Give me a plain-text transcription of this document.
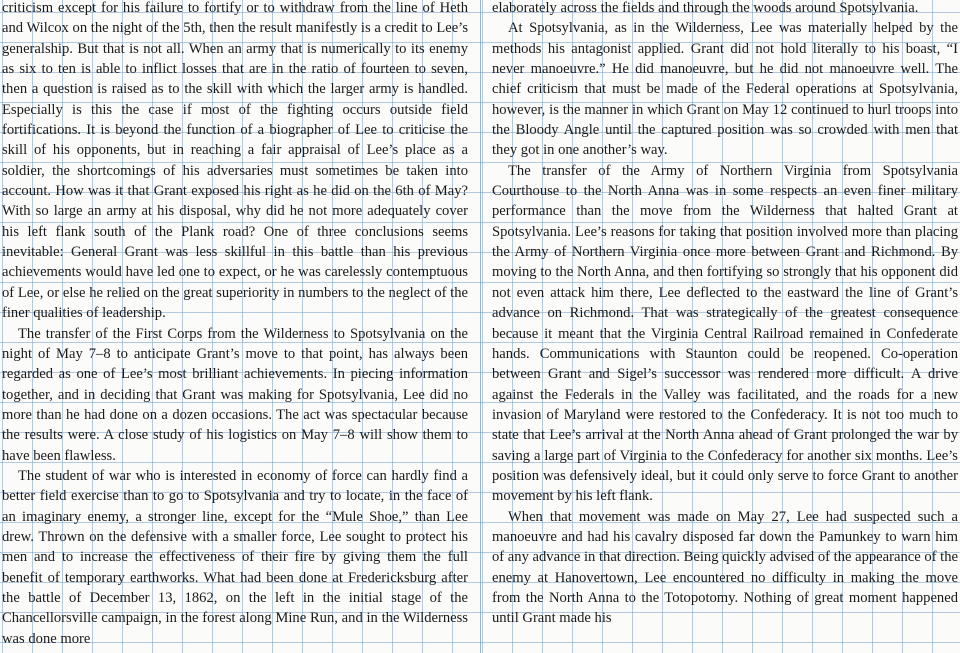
criticism except for his failure to fortify or to withdraw from the line of Heth and Wilcox on the night of the 5th, then the result manifestly is a credit to Lee’s generalship. But that is not all. When an army that is numerically to its enemy as six to ten is able to inflict losses that are in the ratio of fourteen to seven, then a question is raised as to the skill with which the larger army is handled. Especially is this the case if most of the fighting occurs outside field fortifications. It is beyond the function of a biographer of Lee to criticise the skill of his opponents, but in reaching a fair appraisal of Lee’s place as a soldier, the shortcomings of his adversaries must sometimes be taken into account. How was it that Grant exposed his right as he did on the 6th of May? With so large an army at his disposal, why did he not more adequately cover his left flank south of the Plank road? One of three conclusions seems inevitable: General Grant was less skillful in this battle than his previous achievements would have led one to expect, or he was carelessly contemptuous of Lee, or else he relied on the great superiority in numbers to the neglect of the finer qualities of leadership.

The transfer of the First Corps from the Wilderness to Spotsylvania on the night of May 7–8 to anticipate Grant’s move to that point, has always been regarded as one of Lee’s most brilliant achievements. In piecing information together, and in deciding that Grant was making for Spotsylvania, Lee did no more than he had done on a dozen occasions. The act was spectacular because the results were. A close study of his logistics on May 7–8 will show them to have been flawless.

The student of war who is interested in economy of force can hardly find a better field exercise than to go to Spotsylvania and try to locate, in the face of an imaginary enemy, a stronger line, except for the “Mule Shoe,” than Lee drew. Thrown on the defensive with a smaller force, Lee sought to protect his men and to increase the effectiveness of their fire by giving them the full benefit of temporary earthworks. What had been done at Fredericksburg after the battle of December 13, 1862, on the left in the initial stage of the Chancellorsville campaign, in the forest along Mine Run, and in the Wilderness was done more

elaborately across the fields and through the woods around Spotsylvania.

At Spotsylvania, as in the Wilderness, Lee was materially helped by the methods his antagonist applied. Grant did not hold literally to his boast, “I never manoeuvre.” He did manoeuvre, but he did not manoeuvre well. The chief criticism that must be made of the Federal operations at Spotsylvania, however, is the manner in which Grant on May 12 continued to hurl troops into the Bloody Angle until the captured position was so crowded with men that they got in one another’s way.

The transfer of the Army of Northern Virginia from Spotsylvania Courthouse to the North Anna was in some respects an even finer military performance than the move from the Wilderness that halted Grant at Spotsylvania. Lee’s reasons for taking that position involved more than placing the Army of Northern Virginia once more between Grant and Richmond. By moving to the North Anna, and then fortifying so strongly that his opponent did not even attack him there, Lee deflected to the eastward the line of Grant’s advance on Richmond. That was strategically of the greatest consequence because it meant that the Virginia Central Railroad remained in Confederate hands. Communications with Staunton could be reopened. Co-operation between Grant and Sigel’s successor was rendered more difficult. A drive against the Federals in the Valley was facilitated, and the roads for a new invasion of Maryland were restored to the Confederacy. It is not too much to state that Lee’s arrival at the North Anna ahead of Grant prolonged the war by saving a large part of Virginia to the Confederacy for another six months. Lee’s position was defensively ideal, but it could only serve to force Grant to another movement by his left flank.

When that movement was made on May 27, Lee had suspected such a manoeuvre and had his cavalry disposed far down the Pamunkey to warn him of any advance in that direction. Being quickly advised of the appearance of the enemy at Hanovertown, Lee encountered no difficulty in making the move from the North Anna to the Totopotomy. Nothing of great moment happened until Grant made his
